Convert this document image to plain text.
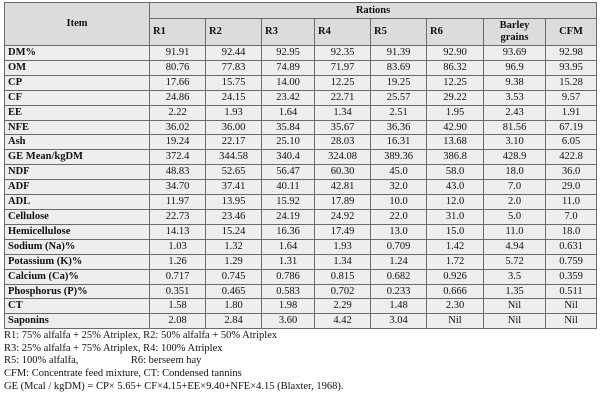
Item	Rations							
	R1	R2	R3	R4	R5	R6	Barley grains	CFM
DM%	91.91	92.44	92.95	92.35	91.39	92.90	93.69	92.98
OM	80.76	77.83	74.89	71.97	83.69	86.32	96.9	93.95
CP	17.66	15.75	14.00	12.25	19.25	12.25	9.38	15.28
CF	24.86	24.15	23.42	22.71	25.57	29.22	3.53	9.57
EE	2.22	1.93	1.64	1.34	2.51	1.95	2.43	1.91
NFE	36.02	36.00	35.84	35.67	36.36	42.90	81.56	67.19
Ash	19.24	22.17	25.10	28.03	16.31	13.68	3.10	6.05
GE Mean/kgDM	372.4	344.58	340.4	324.08	389.36	386.8	428.9	422.8
NDF	48.83	52.65	56.47	60.30	45.0	58.0	18.0	36.0
ADF	34.70	37.41	40.11	42.81	32.0	43.0	7.0	29.0
ADL	11.97	13.95	15.92	17.89	10.0	12.0	2.0	11.0
Cellulose	22.73	23.46	24.19	24.92	22.0	31.0	5.0	7.0
Hemicellulose	14.13	15.24	16.36	17.49	13.0	15.0	11.0	18.0
Sodium (Na)%	1.03	1.32	1.64	1.93	0.709	1.42	4.94	0.631
Potassium (K)%	1.26	1.29	1.31	1.34	1.24	1.72	5.72	0.759
Calcium (Ca)%	0.717	0.745	0.786	0.815	0.682	0.926	3.5	0.359
Phosphorus (P)%	0.351	0.465	0.583	0.702	0.233	0.666	1.35	0.511
CT	1.58	1.80	1.98	2.29	1.48	2.30	Nil	Nil
Saponins	2.08	2.84	3.60	4.42	3.04	Nil	Nil	Nil
R1: 75% alfalfa + 25% Atriplex, R2: 50% alfalfa + 50% Atriplex
R3: 25% alfalfa + 75% Atriplex, R4: 100% Atriplex
R5: 100% alfalfa,                    R6: berseem hay
CFM: Concentrate feed mixture, CT: Condensed tannins
GE (Mcal / kgDM) = CP× 5.65+ CF×4.15+EE×9.40+NFE×4.15 (Blaxter, 1968).
